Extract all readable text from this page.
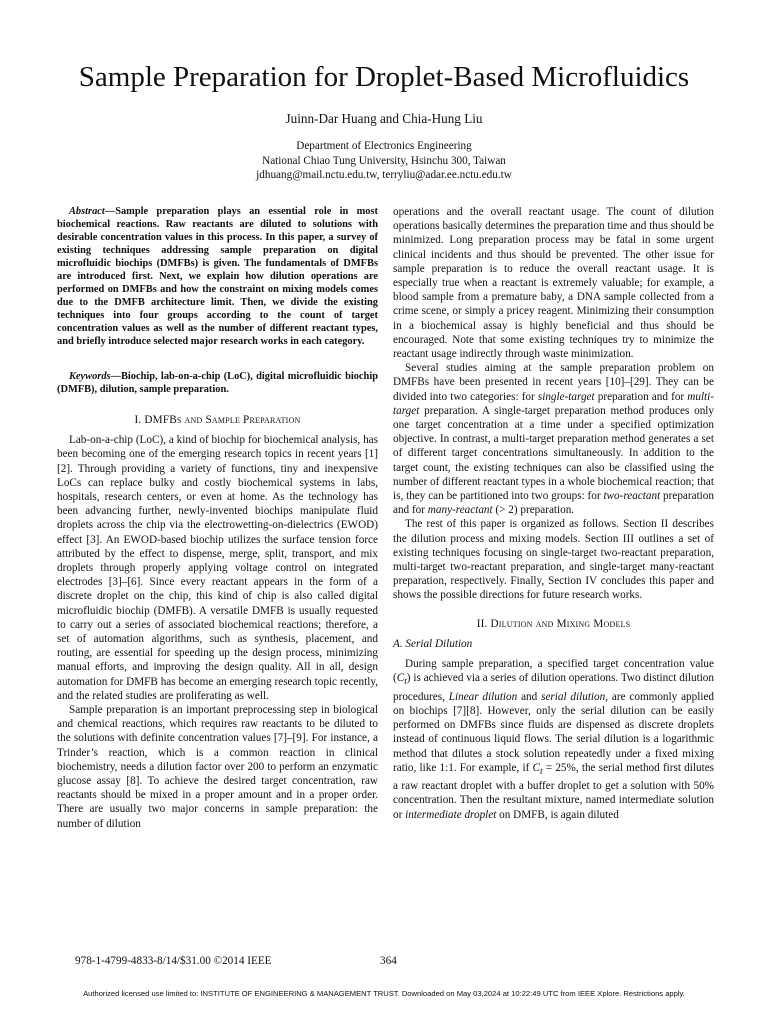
Sample Preparation for Droplet-Based Microfluidics
Juinn-Dar Huang and Chia-Hung Liu
Department of Electronics Engineering
National Chiao Tung University, Hsinchu 300, Taiwan
jdhuang@mail.nctu.edu.tw, terryliu@adar.ee.nctu.edu.tw

Abstract—Sample preparation plays an essential role in most biochemical reactions. Raw reactants are diluted to solutions with desirable concentration values in this process. In this paper, a survey of existing techniques addressing sample preparation on digital microfluidic biochips (DMFBs) is given. The fundamentals of DMFBs are introduced first. Next, we explain how dilution operations are performed on DMFBs and how the constraint on mixing models comes due to the DMFB architecture limit. Then, we divide the existing techniques into four groups according to the count of target concentration values as well as the number of different reactant types, and briefly introduce selected major research works in each category.

Keywords—Biochip, lab-on-a-chip (LoC), digital microfluidic biochip (DMFB), dilution, sample preparation.

I. DMFBs and Sample Preparation

Lab-on-a-chip (LoC), a kind of biochip for biochemical analysis, has been becoming one of the emerging research topics in recent years [1][2]. Through providing a variety of functions, tiny and inexpensive LoCs can replace bulky and costly biochemical systems in labs, hospitals, research centers, or even at home. As the technology has been advancing further, newly-invented biochips manipulate fluid droplets across the chip via the electrowetting-on-dielectrics (EWOD) effect [3]. An EWOD-based biochip utilizes the surface tension force attributed by the effect to dispense, merge, split, transport, and mix droplets through properly applying voltage control on integrated electrodes [3]–[6]. Since every reactant appears in the form of a discrete droplet on the chip, this kind of chip is also called digital microfluidic biochip (DMFB). A versatile DMFB is usually requested to carry out a series of associated biochemical reactions; therefore, a set of automation algorithms, such as synthesis, placement, and routing, are essential for speeding up the design process, minimizing manual efforts, and improving the design quality. All in all, design automation for DMFB has become an emerging research topic recently, and the related studies are proliferating as well.

Sample preparation is an important preprocessing step in biological and chemical reactions, which requires raw reactants to be diluted to the solutions with definite concentration values [7]–[9]. For instance, a Trinder’s reaction, which is a common reaction in clinical biochemistry, needs a dilution factor over 200 to perform an enzymatic glucose assay [8]. To achieve the desired target concentration, raw reactants should be mixed in a proper amount and in a proper order. There are usually two major concerns in sample preparation: the number of dilution

operations and the overall reactant usage. The count of dilution operations basically determines the preparation time and thus should be minimized. Long preparation process may be fatal in some urgent clinical incidents and thus should be prevented. The other issue for sample preparation is to reduce the overall reactant usage. It is especially true when a reactant is extremely valuable; for example, a blood sample from a premature baby, a DNA sample collected from a crime scene, or simply a pricey reagent. Minimizing their consumption in a biochemical assay is highly beneficial and thus should be encouraged. Note that some existing techniques try to minimize the reactant usage indirectly through waste minimization.

Several studies aiming at the sample preparation problem on DMFBs have been presented in recent years [10]–[29]. They can be divided into two categories: for single-target preparation and for multi-target preparation. A single-target preparation method produces only one target concentration at a time under a specified optimization objective. In contrast, a multi-target preparation method generates a set of different target concentrations simultaneously. In addition to the target count, the existing techniques can also be classified using the number of different reactant types in a whole biochemical reaction; that is, they can be partitioned into two groups: for two-reactant preparation and for many-reactant (> 2) preparation.

The rest of this paper is organized as follows. Section II describes the dilution process and mixing models. Section III outlines a set of existing techniques focusing on single-target two-reactant preparation, multi-target two-reactant preparation, and single-target many-reactant preparation, respectively. Finally, Section IV concludes this paper and shows the possible directions for future research works.

II. Dilution and Mixing Models
A. Serial Dilution

During sample preparation, a specified target concentration value $(C_t)$ is achieved via a series of dilution operations. Two distinct dilution procedures, Linear dilution and serial dilution, are commonly applied on biochips [7][8]. However, only the serial dilution can be easily performed on DMFBs since fluids are dispensed as discrete droplets instead of continuous liquid flows. The serial dilution is a logarithmic method that dilutes a stock solution repeatedly under a fixed mixing ratio, like 1:1. For example, if $C_t = 25\%$, the serial method first dilutes a raw reactant droplet with a buffer droplet to get a solution with 50% concentration. Then the resultant mixture, named intermediate solution or intermediate droplet on DMFB, is again diluted

978-1-4799-4833-8/14/$31.00 ©2014 IEEE	364
Authorized licensed use limited to: INSTITUTE OF ENGINEERING & MANAGEMENT TRUST. Downloaded on May 03,2024 at 10:22:49 UTC from IEEE Xplore. Restrictions apply.
